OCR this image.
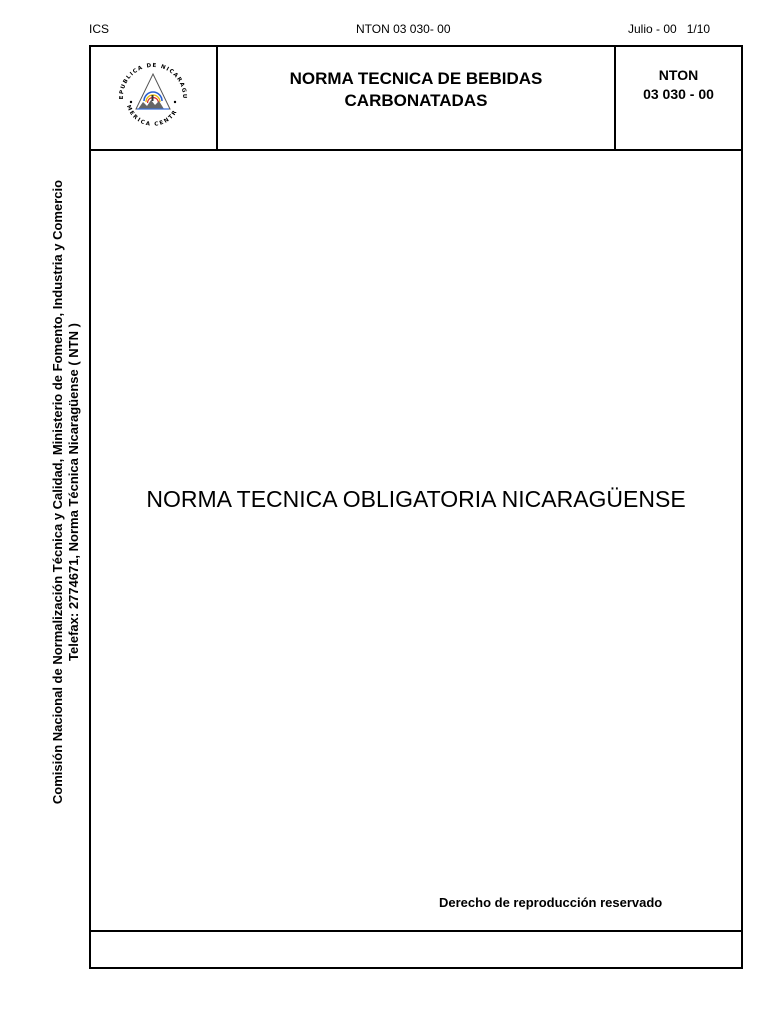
ICS	NTON 03 030- 00	Julio - 00   1/10
EPUBLICA DE NICARAGU
MERICA CENTR
NORMA TECNICA DE BEBIDAS
CARBONATADAS
NTON
03 030 - 00
NORMA TECNICA OBLIGATORIA NICARAGÜENSE
Derecho de reproducción reservado
Comisión Nacional de Normalización Técnica y Calidad, Ministerio de Fomento, Industria y Comercio Telefax: 2774671, Norma Técnica Nicaragüense ( NTN )
